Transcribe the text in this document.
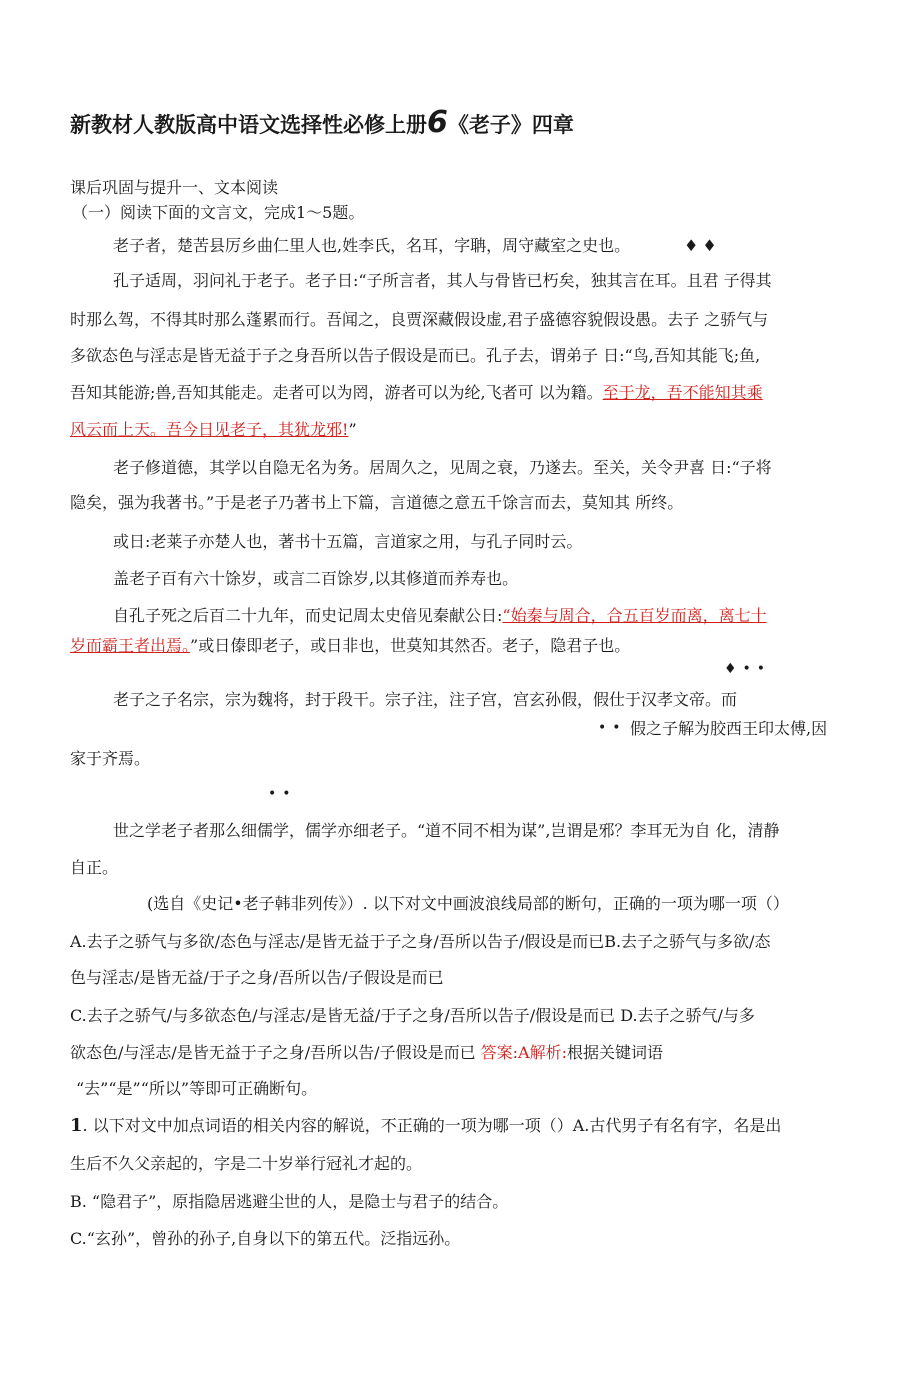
新教材人教版高中语文选择性必修上册6《老子》四章
课后巩固与提升一、文本阅读
（一）阅读下面的文言文，完成1～5题。
老子者，楚苦县厉乡曲仁里人也,姓李氏，名耳，字聃，周守藏室之史也。	♦♦
孔子适周，羽问礼于老子。老子日:“子所言者，其人与骨皆已朽矣，独其言在耳。且君 子得其
时那么驾，不得其时那么蓬累而行。吾闻之，良贾深藏假设虚,君子盛德容貌假设愚。去子 之骄气与
多欲态色与淫志是皆无益于子之身吾所以告子假设是而已。孔子去，谓弟子 日:“鸟,吾知其能飞;鱼,
吾知其能游;兽,吾知其能走。走者可以为罔，游者可以为纶,飞者可 以为籍。至于龙，吾不能知其乘
风云而上天。吾今日见老子，其犹龙邪!”
老子修道德，其学以自隐无名为务。居周久之，见周之衰，乃遂去。至关，关令尹喜 日:“子将
隐矣，强为我著书。”于是老子乃著书上下篇，言道德之意五千馀言而去，莫知其 所终。
或日:老莱子亦楚人也，著书十五篇，言道家之用，与孔子同时云。
盖老子百有六十馀岁，或言二百馀岁,以其修道而养寿也。
自孔子死之后百二十九年，而史记周太史偣见秦献公日:“始秦与周合，合五百岁而离，离七十
岁而霸王者出焉。”或日傣即老子，或日非也，世莫知其然否。老子，隐君子也。
♦••
老子之子名宗，宗为魏将，封于段干。宗子注，注子宫，宫玄孙假，假仕于汉孝文帝。而
•• 假之子解为胶西王印太傅,因
家于齐焉。
••
世之学老子者那么细儒学，儒学亦细老子。“道不同不相为谋”,岂谓是邪？李耳无为自 化，清静
自正。
(选自《史记•老子韩非列传》）. 以下对文中画波浪线局部的断句，正确的一项为哪一项（）
A.去子之骄气与多欲/态色与淫志/是皆无益于子之身/吾所以告子/假设是而已B.去子之骄气与多欲/态
色与淫志/是皆无益/于子之身/吾所以告/子假设是而已
C.去子之骄气/与多欲态色/与淫志/是皆无益/于子之身/吾所以告子/假设是而已 D.去子之骄气/与多
欲态色/与淫志/是皆无益于子之身/吾所以告/子假设是而已 答案:A解析:根据关键词语
“去”“是”“所以”等即可正确断句。
1. 以下对文中加点词语的相关内容的解说，不正确的一项为哪一项（）A.古代男子有名有字，名是出
生后不久父亲起的，字是二十岁举行冠礼才起的。
B. “隐君子”，原指隐居逃避尘世的人，是隐士与君子的结合。
C.“玄孙”，曾孙的孙子,自身以下的第五代。泛指远孙。
